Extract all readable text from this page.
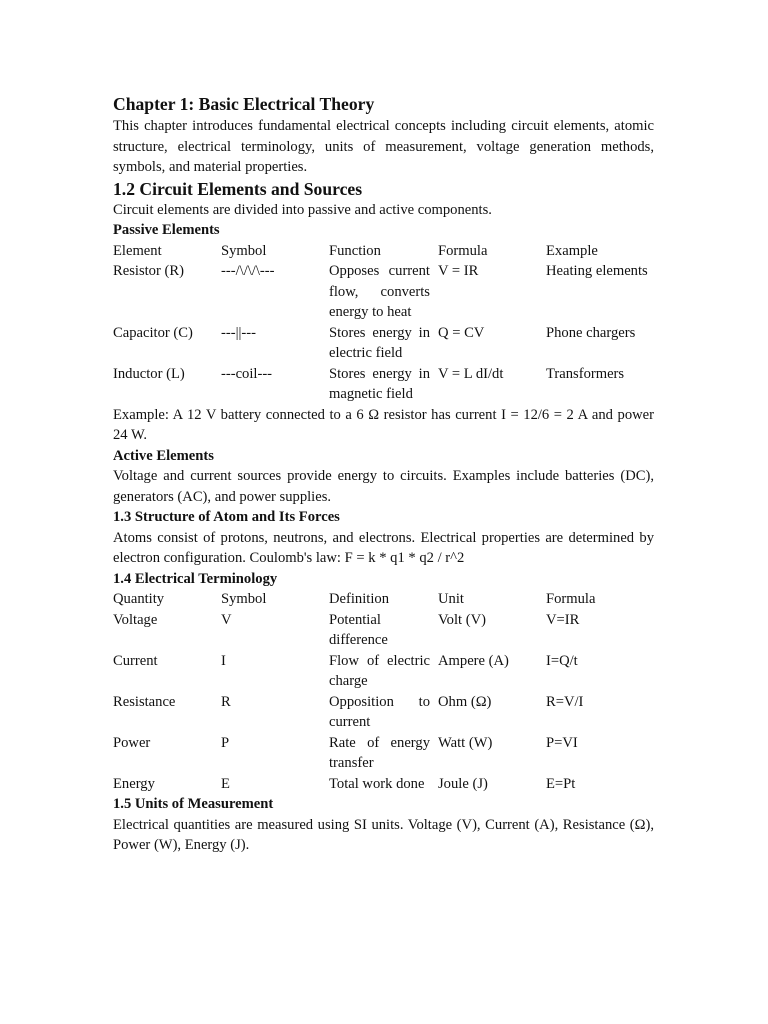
Chapter 1: Basic Electrical Theory

This chapter introduces fundamental electrical concepts including circuit elements, atomic structure, electrical terminology, units of measurement, voltage generation methods, symbols, and material properties.

1.2 Circuit Elements and Sources

Circuit elements are divided into passive and active components.

Passive Elements
Element	Symbol	Function	Formula	Example
Resistor (R)	---/\/\/\---	Opposes current flow, converts energy to heat	V = IR	Heating elements
Capacitor (C)	---||---	Stores energy in electric field	Q = CV	Phone chargers
Inductor (L)	---coil---	Stores energy in magnetic field	V = L dI/dt	Transformers

Example: A 12 V battery connected to a 6 Ω resistor has current I = 12/6 = 2 A and power 24 W.

Active Elements

Voltage and current sources provide energy to circuits. Examples include batteries (DC), generators (AC), and power supplies.

1.3 Structure of Atom and Its Forces

Atoms consist of protons, neutrons, and electrons. Electrical properties are determined by electron configuration. Coulomb's law: F = k * q1 * q2 / r^2

1.4 Electrical Terminology
Quantity	Symbol	Definition	Unit	Formula
Voltage	V	Potential difference	Volt (V)	V=IR
Current	I	Flow of electric charge	Ampere (A)	I=Q/t
Resistance	R	Opposition to current	Ohm (Ω)	R=V/I
Power	P	Rate of energy transfer	Watt (W)	P=VI
Energy	E	Total work done	Joule (J)	E=Pt
1.5 Units of Measurement

Electrical quantities are measured using SI units. Voltage (V), Current (A), Resistance (Ω), Power (W), Energy (J).
